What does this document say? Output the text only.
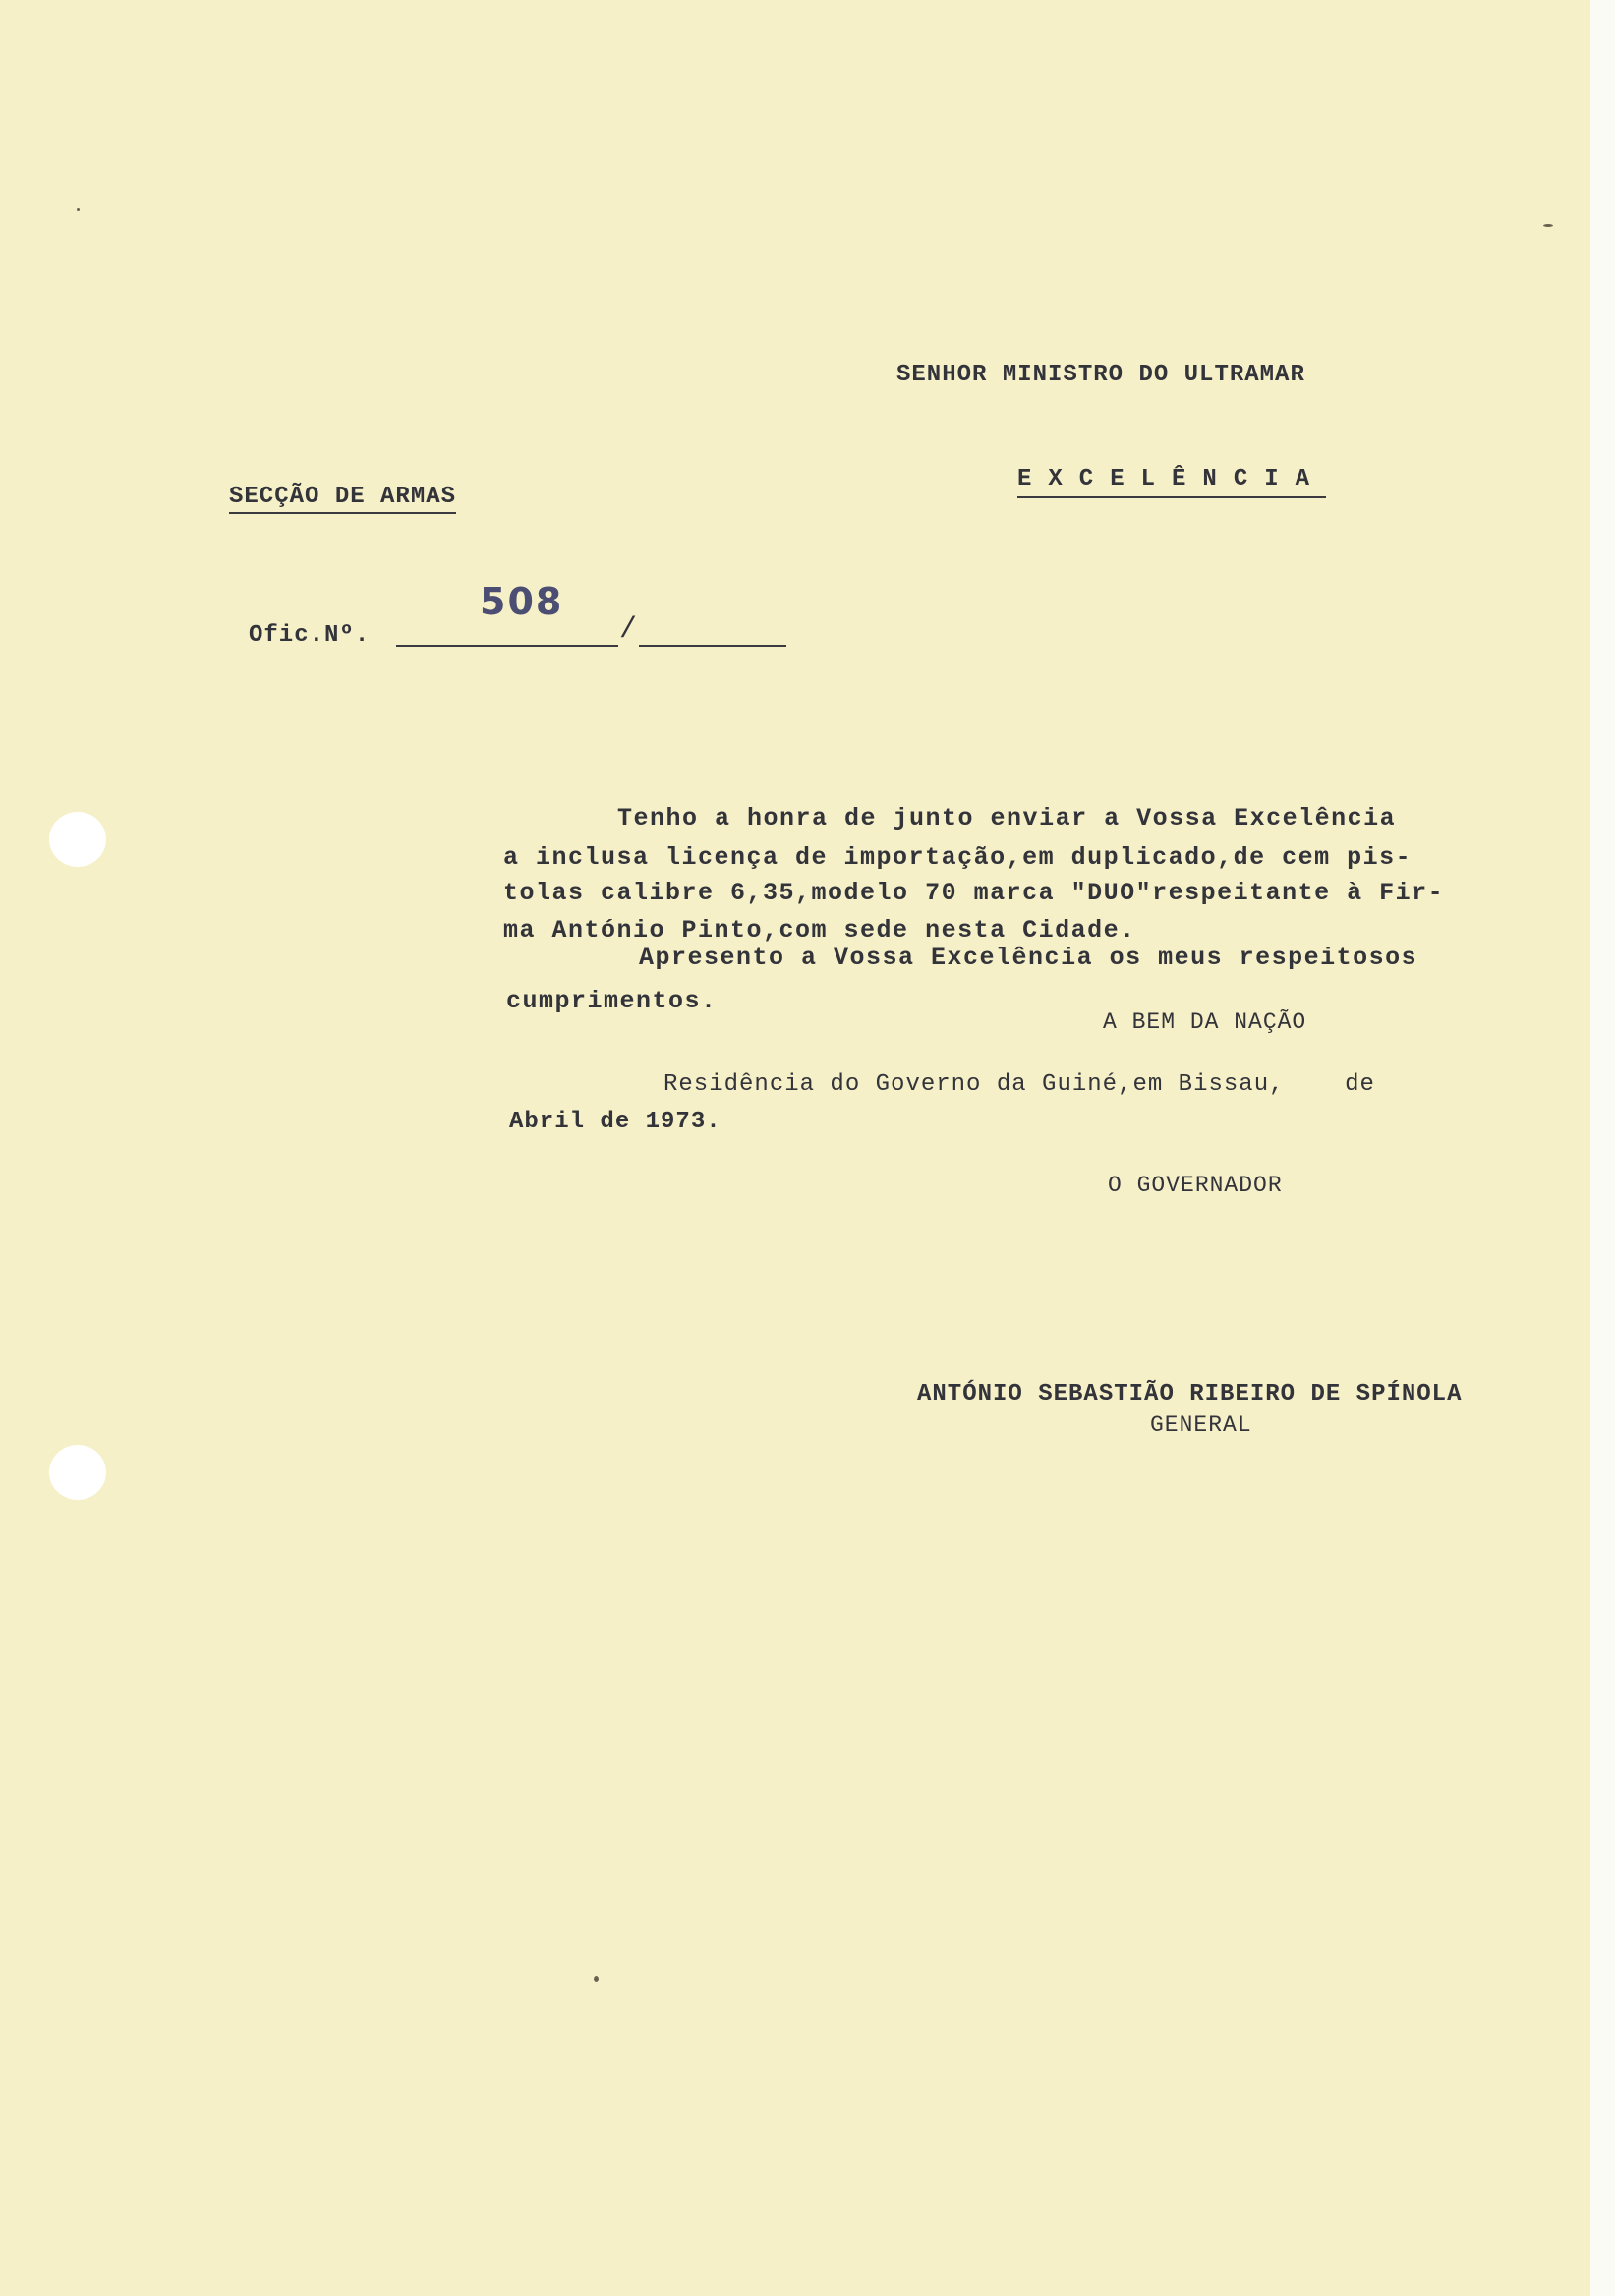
SENHOR MINISTRO DO ULTRAMAR
EXCELÊNCIA
SECÇÃO DE ARMAS
Ofic.Nº.	/
508
Tenho a honra de junto enviar a Vossa Excelência
a inclusa licença de importação,em duplicado,de cem pis-
tolas calibre 6,35,modelo 70 marca "DUO"respeitante à Fir-
ma António Pinto,com sede nesta Cidade.
Apresento a Vossa Excelência os meus respeitosos
cumprimentos.
A BEM DA NAÇÃO
Residência do Governo da Guiné,em Bissau,    de
Abril de 1973.
O GOVERNADOR
ANTÓNIO SEBASTIÃO RIBEIRO DE SPÍNOLA
GENERAL
